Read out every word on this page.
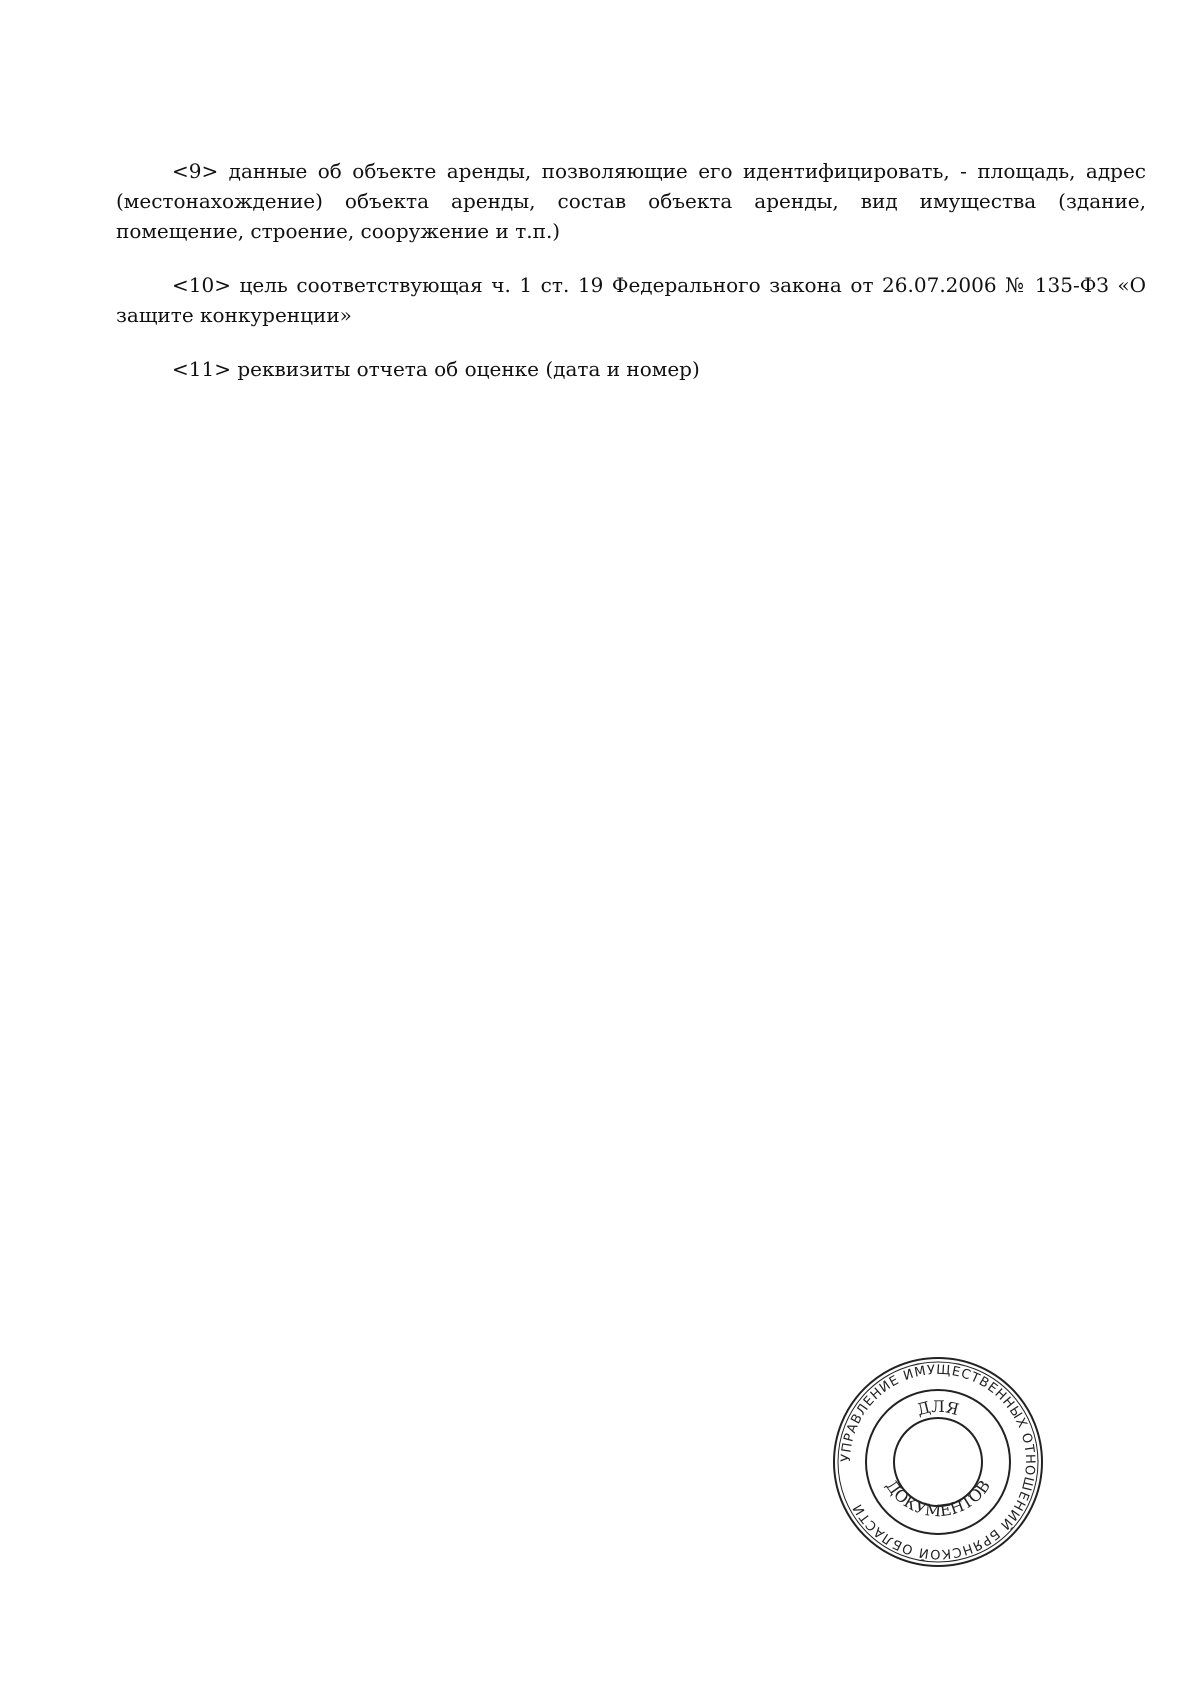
<9> данные об объекте аренды, позволяющие его идентифицировать, - площадь, адрес (местонахождение) объекта аренды, состав объекта аренды, вид имущества (здание, помещение, строение, сооружение и т.п.)

<10> цель соответствующая ч. 1 ст. 19 Федерального закона от 26.07.2006 № 135-ФЗ «О защите конкуренции»

<11> реквизиты отчета об оценке (дата и номер)

УПРАВЛЕНИЕ ИМУЩЕСТВЕННЫХ ОТНОШЕНИЙ БРЯНСКОЙ ОБЛАСТИ
ДЛЯ
ДОКУМЕНТОВ
